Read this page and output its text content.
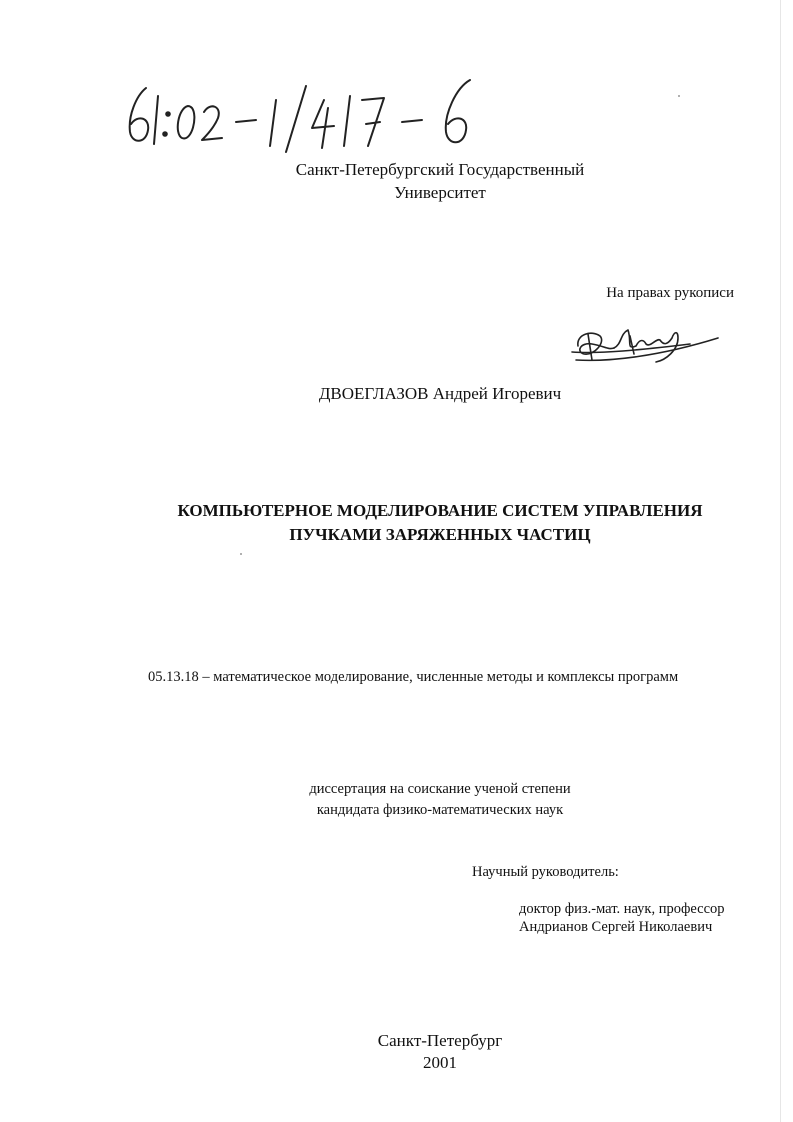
Санкт-Петербургский Государственный
Университет
На правах рукописи
ДВОЕГЛАЗОВ Андрей Игоревич
КОМПЬЮТЕРНОЕ МОДЕЛИРОВАНИЕ СИСТЕМ УПРАВЛЕНИЯ
ПУЧКАМИ ЗАРЯЖЕННЫХ ЧАСТИЦ
05.13.18 – математическое моделирование, численные методы и комплексы программ
диссертация на соискание ученой степени
кандидата физико-математических наук
Научный руководитель:
доктор физ.-мат. наук, профессор
Андрианов Сергей Николаевич
Санкт-Петербург
2001
